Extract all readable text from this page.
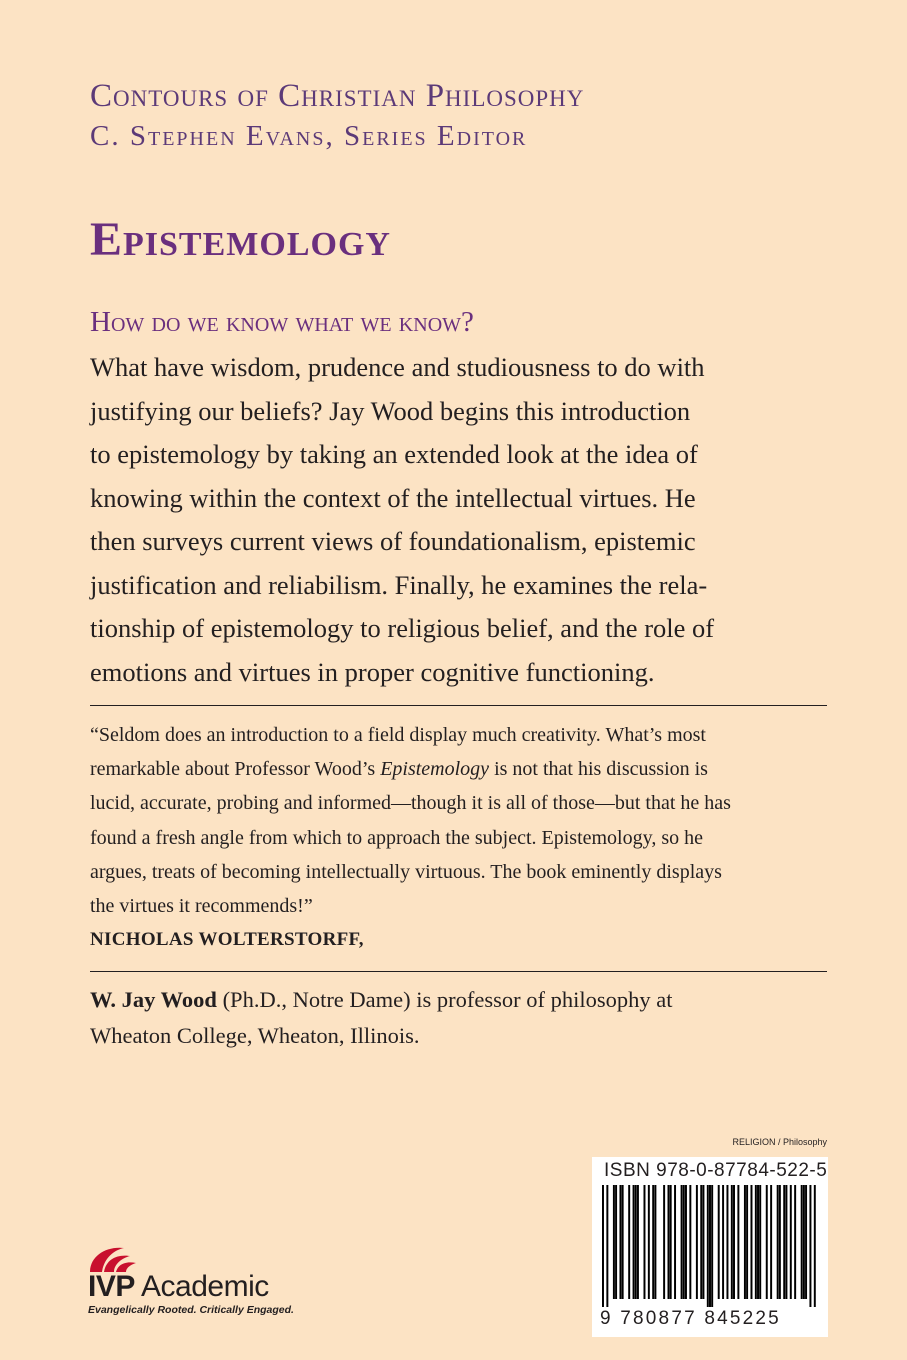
Contours of Christian Philosophy
C. Stephen Evans, Series Editor
Epistemology
How do we know what we know?
What have wisdom, prudence and studiousness to do with
justifying our beliefs? Jay Wood begins this introduction
to epistemology by taking an extended look at the idea of
knowing within the context of the intellectual virtues. He
then surveys current views of foundationalism, epistemic
justification and reliabilism. Finally, he examines the rela-
tionship of epistemology to religious belief, and the role of
emotions and virtues in proper cognitive functioning.
“Seldom does an introduction to a field display much creativity. What’s most
remarkable about Professor Wood’s Epistemology is not that his discussion is
lucid, accurate, probing and informed—though it is all of those—but that he has
found a fresh angle from which to approach the subject. Epistemology, so he
argues, treats of becoming intellectually virtuous. The book eminently displays
the virtues it recommends!”
NICHOLAS WOLTERSTORFF,
W. Jay Wood (Ph.D., Notre Dame) is professor of philosophy at
Wheaton College, Wheaton, Illinois.
RELIGION / Philosophy
ISBN 978-0-87784-522-5
9 780877 845225
IVP Academic
Evangelically Rooted. Critically Engaged.
